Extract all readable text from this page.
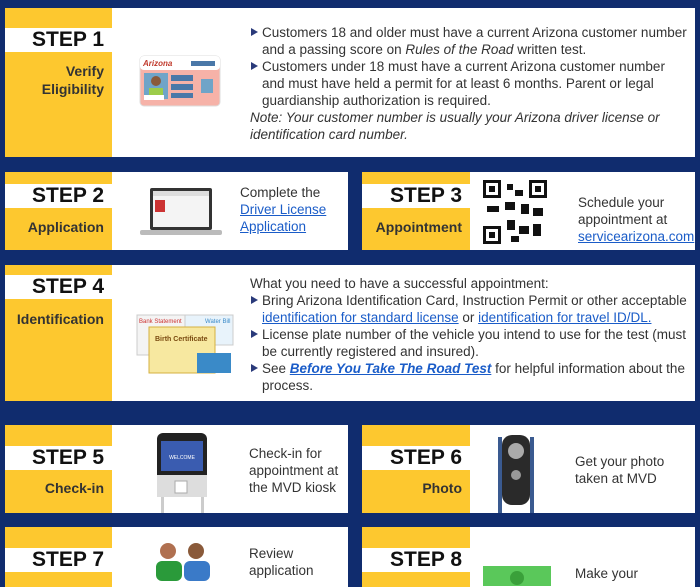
STEP 1
Verify Eligibility
Arizona
Customers 18 and older must have a current Arizona customer number and a passing score on Rules of the Road written test.
Customers under 18 must have a current Arizona customer number and must have held a permit for at least 6 months. Parent or legal guardianship authorization is required.
Note: Your customer number is usually your Arizona driver license or identification card number.
STEP 2
Application
Complete the
Driver License Application
STEP 3
Appointment
Schedule your appointment at
servicearizona.com
STEP 4
Identification	Bank Statement	Water Bill
Birth Certificate
What you need to have a successful appointment:
Bring Arizona Identification Card, Instruction Permit or other acceptable identification for standard license or identification for travel ID/DL.
License plate number of the vehicle you intend to use for the test (must be currently registered and insured).
See Before You Take The Road Test for helpful information about the process.
STEP 5
Check-in
WELCOME	Check-in for appointment at the MVD kiosk
STEP 6
Photo
Get your photo taken at MVD
STEP 7	Review application	STEP 8
Make your
